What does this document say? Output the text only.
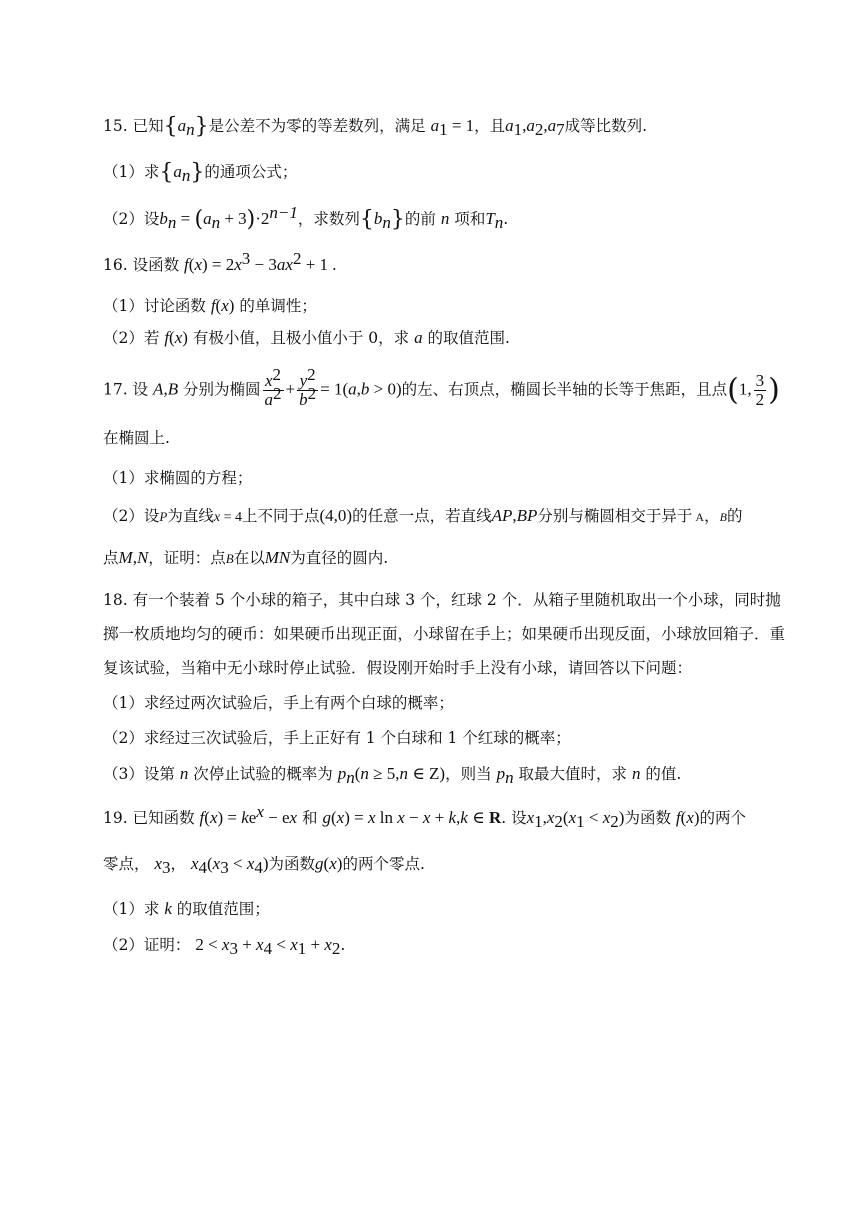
15. 已知$\{a_n\}$是公差不为零的等差数列，满足 $a_1 = 1$，且$a_1,a_2,a_7$成等比数列.
（1）求$\{a_n\}$的通项公式；
（2）设$b_n = (a_n + 3)\cdot 2^{n-1}$，求数列$\{b_n\}$的前 n 项和$T_n$.
16. 设函数 $f(x) = 2x^3 - 3ax^2 + 1$ .
（1）讨论函数 f(x) 的单调性；
（2）若 f(x) 有极小值，且极小值小于 0，求 a 的取值范围.
17. 设 A,B 分别为椭圆 $\frac{x^2}{a^2} + \frac{y^2}{b^2} = 1(a,b > 0)$的左、右顶点，椭圆长半轴的长等于焦距，且点(1, $\frac{3}{2}$ )
在椭圆上.
（1）求椭圆的方程；
（2）设P为直线x = 4上不同于点(4,0)的任意一点，若直线AP,BP分别与椭圆相交于异于 A，B的
点M,N，证明：点B在以MN为直径的圆内.
18. 有一个装着 5 个小球的箱子，其中白球 3 个，红球 2 个．从箱子里随机取出一个小球，同时抛
掷一枚质地均匀的硬币：如果硬币出现正面，小球留在手上；如果硬币出现反面，小球放回箱子．重
复该试验，当箱中无小球时停止试验．假设刚开始时手上没有小球，请回答以下问题：
（1）求经过两次试验后，手上有两个白球的概率；
（2）求经过三次试验后，手上正好有 1 个白球和 1 个红球的概率；
（3）设第 n 次停止试验的概率为 $p_n(n \ge 5,n$ ∈ Z)，则当 $p_n$ 取最大值时，求 n 的值.
19. 已知函数 $f(x) = ke^x$ − ex 和 g(x) = x ln x − x + k,k ∈ R. 设$x_1,x_2(x_1 < x_2)$为函数 f(x)的两个
零点， $x_3$， $x_4(x_3 < x_4)$为函数g(x)的两个零点.
（1）求 k 的取值范围；
（2）证明： $2 < x_3 + x_4 < x_1 + x_2$.
